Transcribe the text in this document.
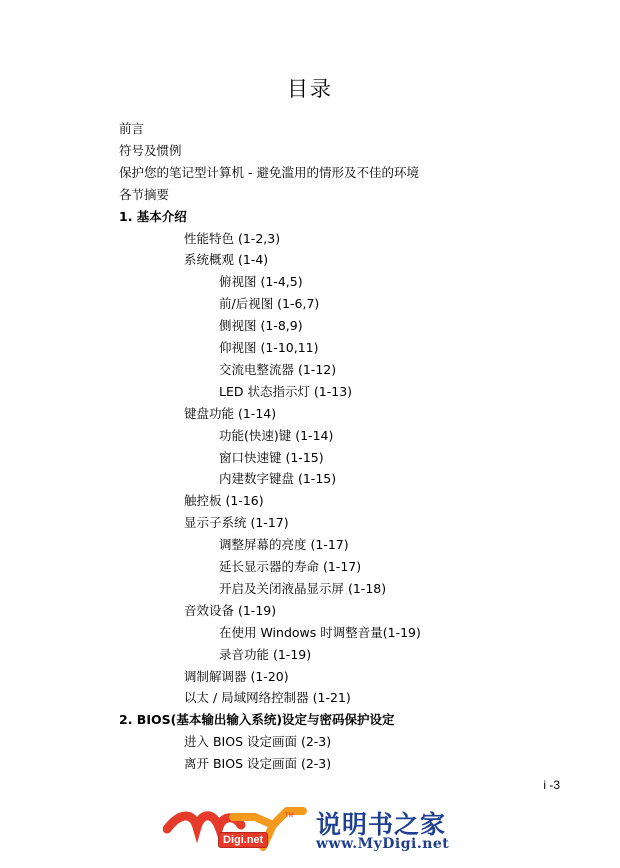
目录
前言
符号及惯例
保护您的笔记型计算机 - 避免滥用的情形及不佳的环境
各节摘要
1. 基本介绍
性能特色 (1-2,3)
系统概观 (1-4)
俯视图 (1-4,5)
前/后视图 (1-6,7)
侧视图 (1-8,9)
仰视图 (1-10,11)
交流电整流器 (1-12)
LED 状态指示灯 (1-13)
键盘功能 (1-14)
功能(快速)键 (1-14)
窗口快速键 (1-15)
内建数字键盘 (1-15)
触控板 (1-16)
显示子系统 (1-17)
调整屏幕的亮度 (1-17)
延长显示器的寿命 (1-17)
开启及关闭液晶显示屏 (1-18)
音效设备 (1-19)
在使用 Windows 时调整音量(1-19)
录音功能 (1-19)
调制解调器 (1-20)
以太 / 局域网络控制器 (1-21)
2. BIOS(基本输出输入系统)设定与密码保护设定
进入 BIOS 设定画面 (2-3)
离开 BIOS 设定画面 (2-3)
i -3
TM
Digi.net
说明书之家
www.MyDigi.net
